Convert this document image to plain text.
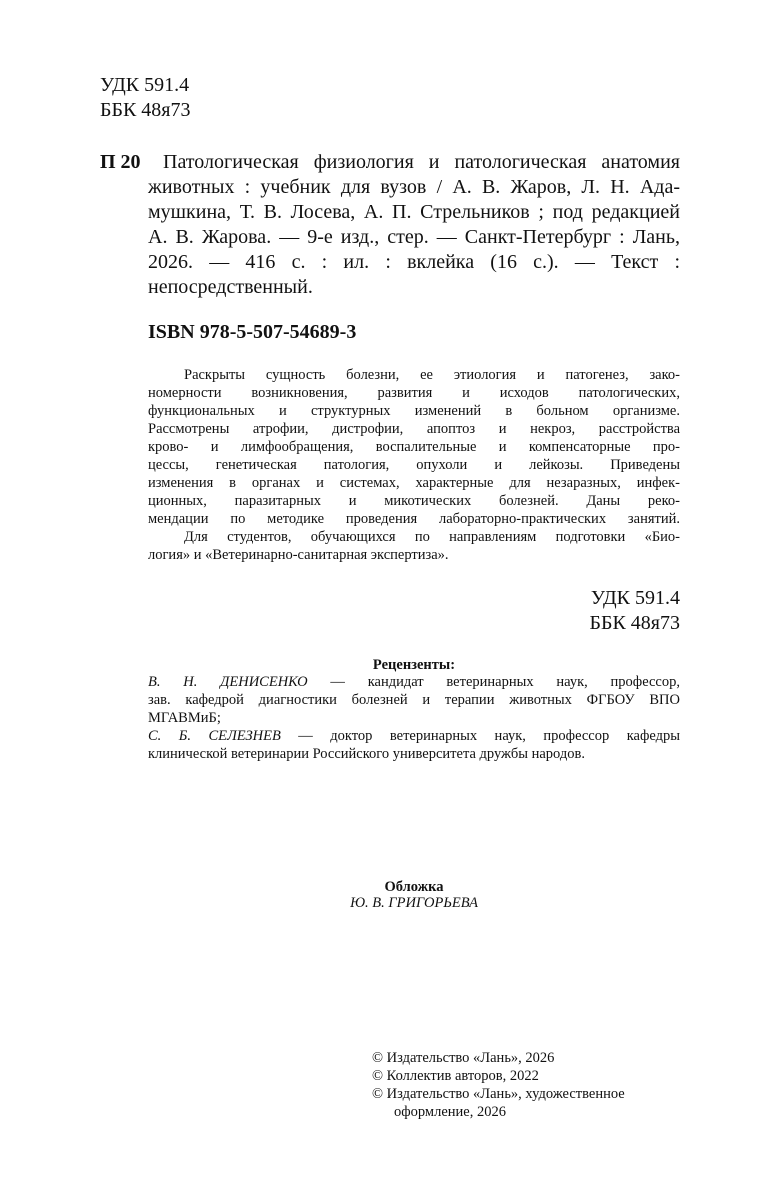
УДК 591.4
ББК 48я73
П 20 Патологическая физиология и патологическая анатомия
животных : учебник для вузов / А. В. Жаров, Л. Н. Ада-
мушкина, Т. В. Лосева, А. П. Стрельников ; под редакцией
А. В. Жарова. — 9-е изд., стер. — Санкт-Петербург : Лань,
2026. — 416 с. : ил. : вклейка (16 с.). — Текст :
непосредственный.
ISBN 978-5-507-54689-3
Раскрыты сущность болезни, ее этиология и патогенез, зако-
номерности возникновения, развития и исходов патологических,
функциональных и структурных изменений в больном организме.
Рассмотрены атрофии, дистрофии, апоптоз и некроз, расстройства
крово- и лимфообращения, воспалительные и компенсаторные про-
цессы, генетическая патология, опухоли и лейкозы. Приведены
изменения в органах и системах, характерные для незаразных, инфек-
ционных, паразитарных и микотических болезней. Даны реко-
мендации по методике проведения лабораторно-практических занятий.
Для студентов, обучающихся по направлениям подготовки «Био-
логия» и «Ветеринарно-санитарная экспертиза».
УДК 591.4
ББК 48я73
Рецензенты:
В. Н. ДЕНИСЕНКО — кандидат ветеринарных наук, профессор,
зав. кафедрой диагностики болезней и терапии животных ФГБОУ ВПО
МГАВМиБ;
С. Б. СЕЛЕЗНЕВ — доктор ветеринарных наук, профессор кафедры
клинической ветеринарии Российского университета дружбы народов.
Обложка
Ю. В. ГРИГОРЬЕВА
© Издательство «Лань», 2026
© Коллектив авторов, 2022
© Издательство «Лань», художественное
оформление, 2026
